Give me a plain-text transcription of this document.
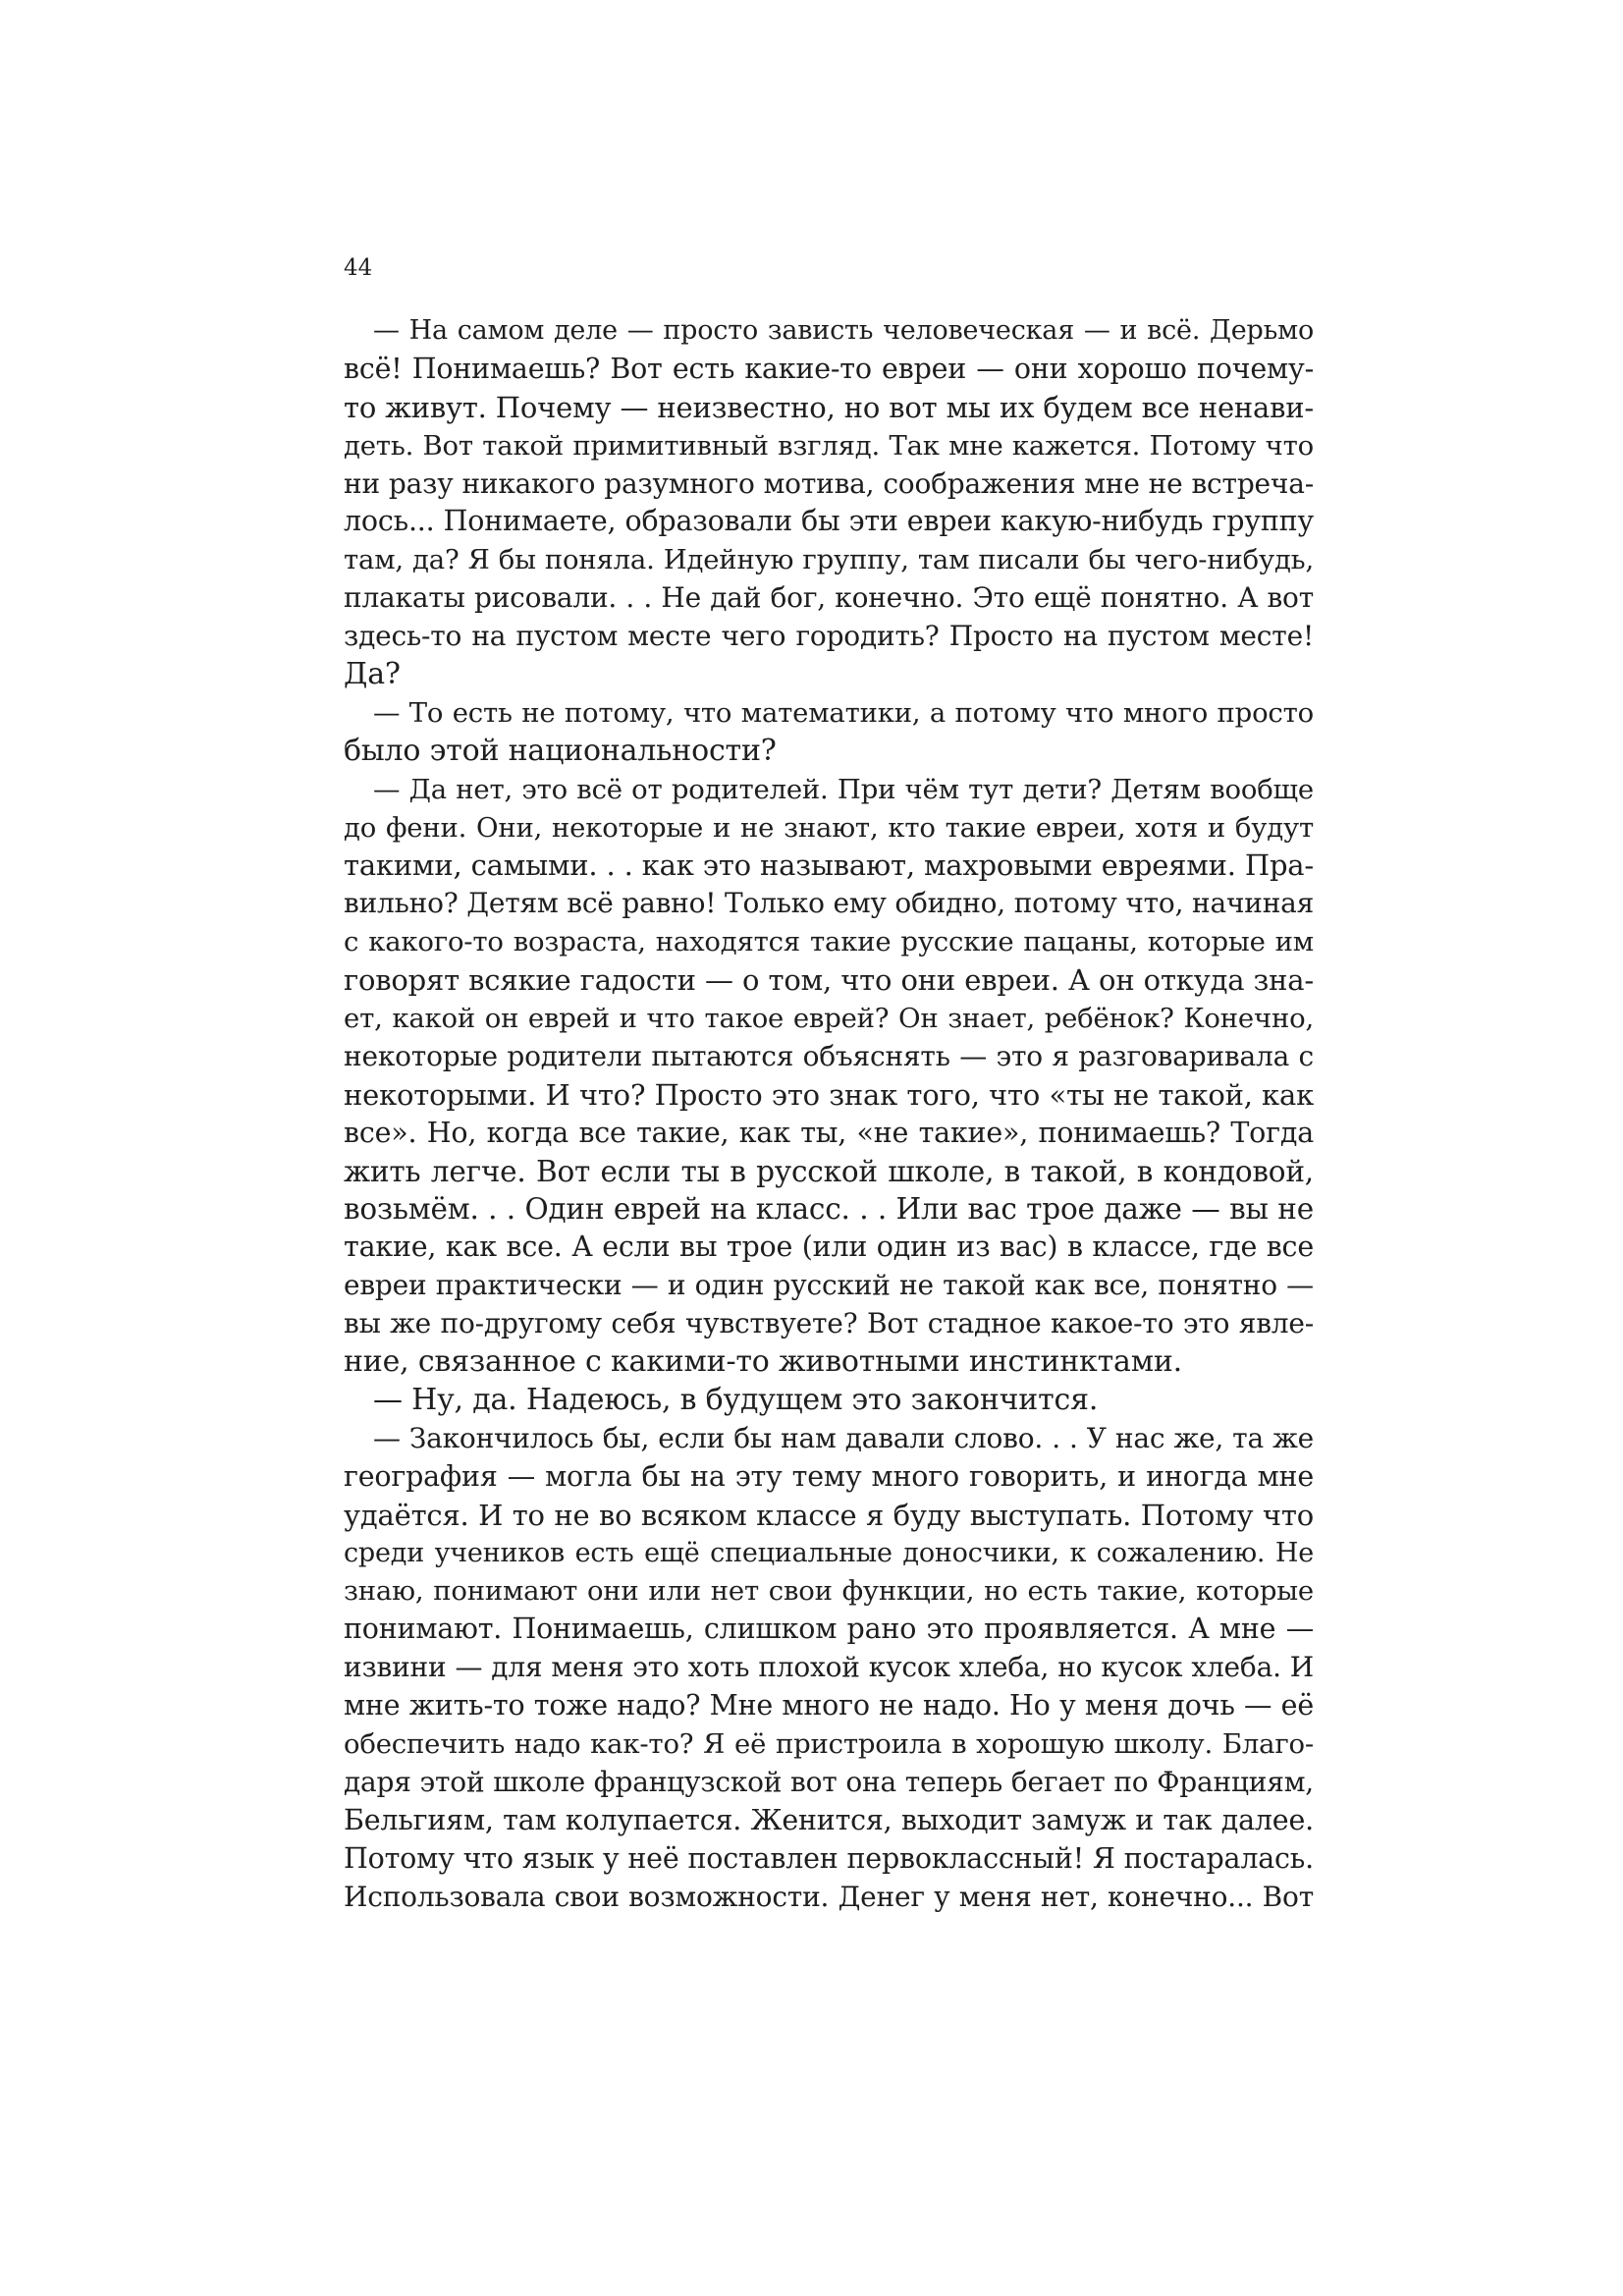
44
— На самом деле — просто зависть человеческая — и всё. Дерьмо
всё! Понимаешь? Вот есть какие-то евреи — они хорошо почему-
то живут. Почему — неизвестно, но вот мы их будем все ненави-
деть. Вот такой примитивный взгляд. Так мне кажется. Потому что
ни разу никакого разумного мотива, соображения мне не встреча-
лось... Понимаете, образовали бы эти евреи какую-нибудь группу
там, да? Я бы поняла. Идейную группу, там писали бы чего-нибудь,
плакаты рисовали. . . Не дай бог, конечно. Это ещё понятно. А вот
здесь-то на пустом месте чего городить? Просто на пустом месте!
Да?
— То есть не потому, что математики, а потому что много просто
было этой национальности?
— Да нет, это всё от родителей. При чём тут дети? Детям вообще
до фени. Они, некоторые и не знают, кто такие евреи, хотя и будут
такими, самыми. . . как это называют, махровыми евреями. Пра-
вильно? Детям всё равно! Только ему обидно, потому что, начиная
с какого-то возраста, находятся такие русские пацаны, которые им
говорят всякие гадости — о том, что они евреи. А он откуда зна-
ет, какой он еврей и что такое еврей? Он знает, ребёнок? Конечно,
некоторые родители пытаются объяснять — это я разговаривала с
некоторыми. И что? Просто это знак того, что «ты не такой, как
все». Но, когда все такие, как ты, «не такие», понимаешь? Тогда
жить легче. Вот если ты в русской школе, в такой, в кондовой,
возьмём. . . Один еврей на класс. . . Или вас трое даже — вы не
такие, как все. А если вы трое (или один из вас) в классе, где все
евреи практически — и один русский не такой как все, понятно —
вы же по-другому себя чувствуете? Вот стадное какое-то это явле-
ние, связанное с какими-то животными инстинктами.
— Ну, да. Надеюсь, в будущем это закончится.
— Закончилось бы, если бы нам давали слово. . . У нас же, та же
география — могла бы на эту тему много говорить, и иногда мне
удаётся. И то не во всяком классе я буду выступать. Потому что
среди учеников есть ещё специальные доносчики, к сожалению. Не
знаю, понимают они или нет свои функции, но есть такие, которые
понимают. Понимаешь, слишком рано это проявляется. А мне —
извини — для меня это хоть плохой кусок хлеба, но кусок хлеба. И
мне жить-то тоже надо? Мне много не надо. Но у меня дочь — её
обеспечить надо как-то? Я её пристроила в хорошую школу. Благо-
даря этой школе французской вот она теперь бегает по Франциям,
Бельгиям, там колупается. Женится, выходит замуж и так далее.
Потому что язык у неё поставлен первоклассный! Я постаралась.
Использовала свои возможности. Денег у меня нет, конечно... Вот
